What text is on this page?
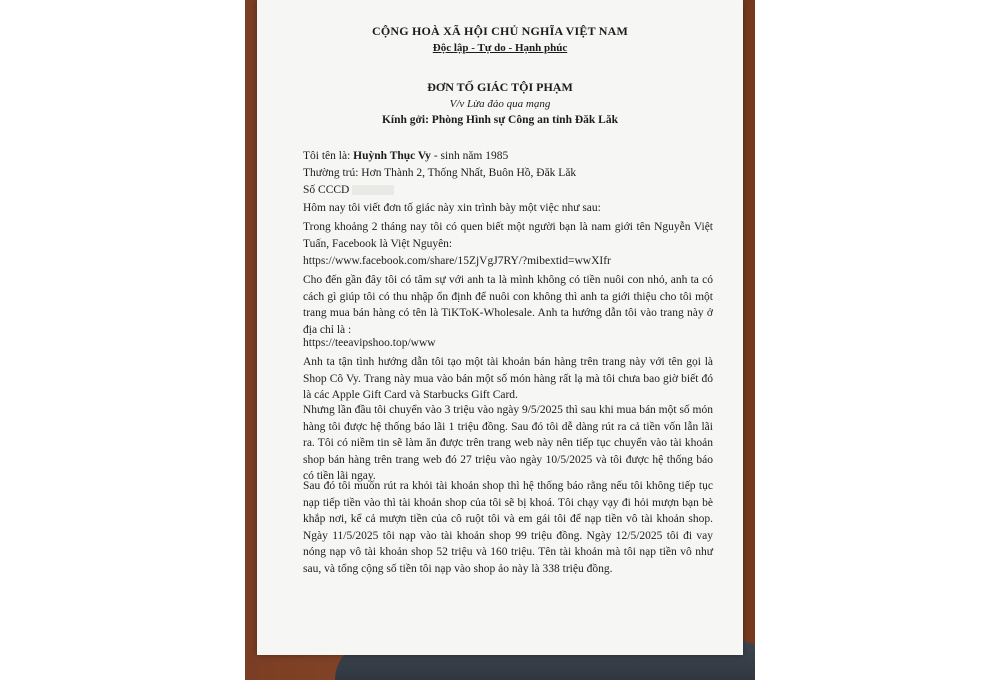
CỘNG HOÀ XÃ HỘI CHỦ NGHĨA VIỆT NAM
Độc lập - Tự do - Hạnh phúc
ĐƠN TỐ GIÁC TỘI PHẠM
V/v Lừa đảo qua mạng
Kính gởi: Phòng Hình sự Công an tỉnh Đăk Lăk
Tôi tên là: Huỳnh Thục Vy - sinh năm 1985
Thường trú: Hơn Thành 2, Thống Nhất, Buôn Hồ, Đăk Lăk
Số CCCD
Hôm nay tôi viết đơn tố giác này xin trình bày một việc như sau:
Trong khoảng 2 tháng nay tôi có quen biết một người bạn là nam giới tên Nguyễn Việt Tuấn, Facebook là Việt Nguyên:
https://www.facebook.com/share/15ZjVgJ7RY/?mibextid=wwXIfr
Cho đến gần đây tôi có tâm sự với anh ta là mình không có tiền nuôi con nhỏ, anh ta có cách gì giúp tôi có thu nhập ổn định để nuôi con không thì anh ta giới thiệu cho tôi một trang mua bán hàng có tên là TiKToK-Wholesale. Anh ta hướng dẫn tôi vào trang này ở địa chỉ là :
https://teeavipshoo.top/www
Anh ta tận tình hướng dẫn tôi tạo một tài khoản bán hàng trên trang này với tên gọi là Shop Cô Vy. Trang này mua vào bán một số món hàng rất lạ mà tôi chưa bao giờ biết đó là các Apple Gift Card và Starbucks Gift Card.
Nhưng lần đầu tôi chuyển vào 3 triệu vào ngày 9/5/2025 thì sau khi mua bán một số món hàng tôi được hệ thống báo lãi 1 triệu đồng. Sau đó tôi dễ dàng rút ra cả tiền vốn lẫn lãi ra. Tôi có niềm tin sẽ làm ăn được trên trang web này nên tiếp tục chuyển vào tài khoản shop bán hàng trên trang web đó 27 triệu vào ngày 10/5/2025 và tôi được hệ thống báo có tiền lãi ngay.
Sau đó tôi muốn rút ra khỏi tài khoản shop thì hệ thống báo rằng nếu tôi không tiếp tục nạp tiếp tiền vào thì tài khoản shop của tôi sẽ bị khoá. Tôi chạy vạy đi hỏi mượn bạn bè khắp nơi, kể cả mượn tiền của cô ruột tôi và em gái tôi để nạp tiền vô tài khoản shop. Ngày 11/5/2025 tôi nạp vào tài khoản shop 99 triệu đồng. Ngày 12/5/2025 tôi đi vay nóng nạp vô tài khoản shop 52 triệu và 160 triệu. Tên tài khoản mà tôi nạp tiền vô như sau, và tổng cộng số tiền tôi nạp vào shop ảo này là 338 triệu đồng.
